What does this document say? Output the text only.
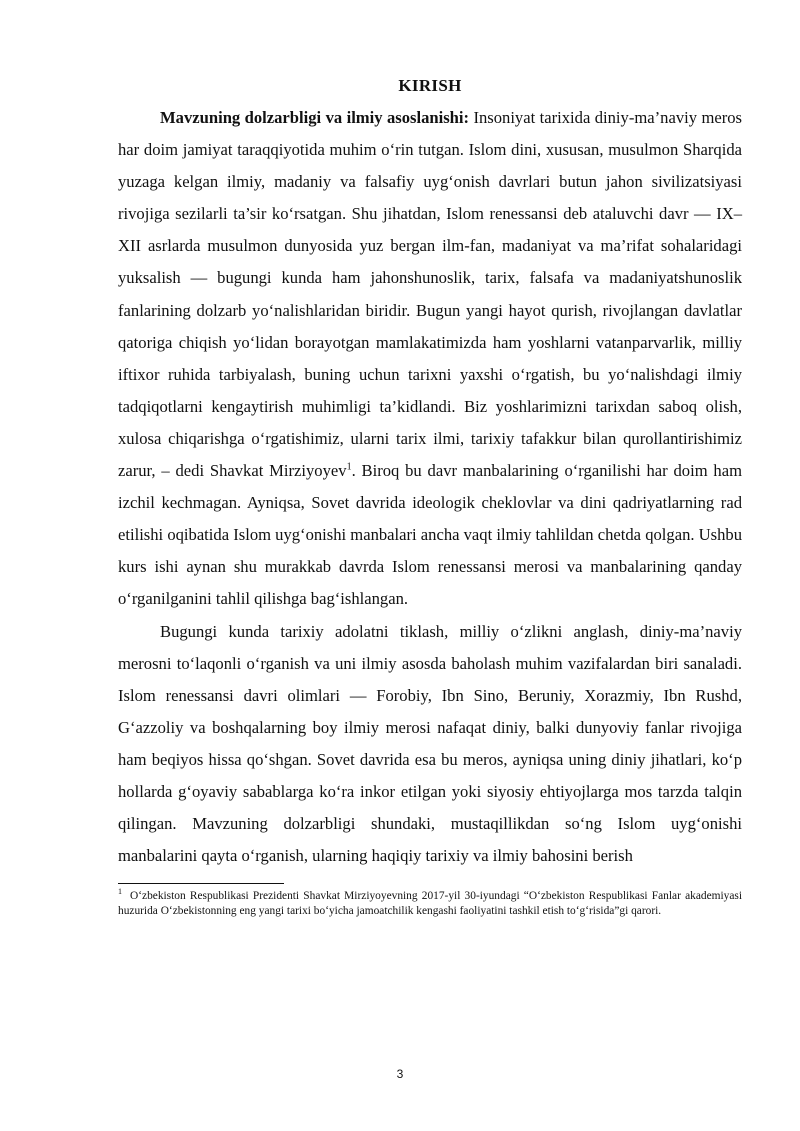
KIRISH

Mavzuning dolzarbligi va ilmiy asoslanishi: Insoniyat tarixida diniy-ma’naviy meros har doim jamiyat taraqqiyotida muhim o‘rin tutgan. Islom dini, xususan, musulmon Sharqida yuzaga kelgan ilmiy, madaniy va falsafiy uyg‘onish davrlari butun jahon sivilizatsiyasi rivojiga sezilarli ta’sir ko‘rsatgan. Shu jihatdan, Islom renessansi deb ataluvchi davr — IX–XII asrlarda musulmon dunyosida yuz bergan ilm-fan, madaniyat va ma’rifat sohalaridagi yuksalish — bugungi kunda ham jahonshunoslik, tarix, falsafa va madaniyatshunoslik fanlarining dolzarb yo‘nalishlaridan biridir. Bugun yangi hayot qurish, rivojlangan davlatlar qatoriga chiqish yo‘lidan borayotgan mamlakatimizda ham yoshlarni vatanparvarlik, milliy iftixor ruhida tarbiyalash, buning uchun tarixni yaxshi o‘rgatish, bu yo‘nalishdagi ilmiy tadqiqotlarni kengaytirish muhimligi ta’kidlandi. Biz yoshlarimizni tarixdan saboq olish, xulosa chiqarishga o‘rgatishimiz, ularni tarix ilmi, tarixiy tafakkur bilan qurollantirishimiz zarur, – dedi Shavkat Mirziyoyev$^1$. Biroq bu davr manbalarining o‘rganilishi har doim ham izchil kechmagan. Ayniqsa, Sovet davrida ideologik cheklovlar va dini qadriyatlarning rad etilishi oqibatida Islom uyg‘onishi manbalari ancha vaqt ilmiy tahlildan chetda qolgan. Ushbu kurs ishi aynan shu murakkab davrda Islom renessansi merosi va manbalarining qanday o‘rganilganini tahlil qilishga bag‘ishlangan.

Bugungi kunda tarixiy adolatni tiklash, milliy o‘zlikni anglash, diniy-ma’naviy merosni to‘laqonli o‘rganish va uni ilmiy asosda baholash muhim vazifalardan biri sanaladi. Islom renessansi davri olimlari — Forobiy, Ibn Sino, Beruniy, Xorazmiy, Ibn Rushd, G‘azzoliy va boshqalarning boy ilmiy merosi nafaqat diniy, balki dunyoviy fanlar rivojiga ham beqiyos hissa qo‘shgan. Sovet davrida esa bu meros, ayniqsa uning diniy jihatlari, ko‘p hollarda g‘oyaviy sabablarga ko‘ra inkor etilgan yoki siyosiy ehtiyojlarga mos tarzda talqin qilingan. Mavzuning dolzarbligi shundaki, mustaqillikdan so‘ng Islom uyg‘onishi manbalarini qayta o‘rganish, ularning haqiqiy tarixiy va ilmiy bahosini berish

$^1$ O‘zbekiston Respublikasi Prezidenti Shavkat Mirziyoyevning 2017-yil 30-iyundagi “O‘zbekiston Respublikasi Fanlar akademiyasi huzurida O‘zbekistonning eng yangi tarixi bo‘yicha jamoatchilik kengashi faoliyatini tashkil etish to‘g‘risida”gi qarori.

3
